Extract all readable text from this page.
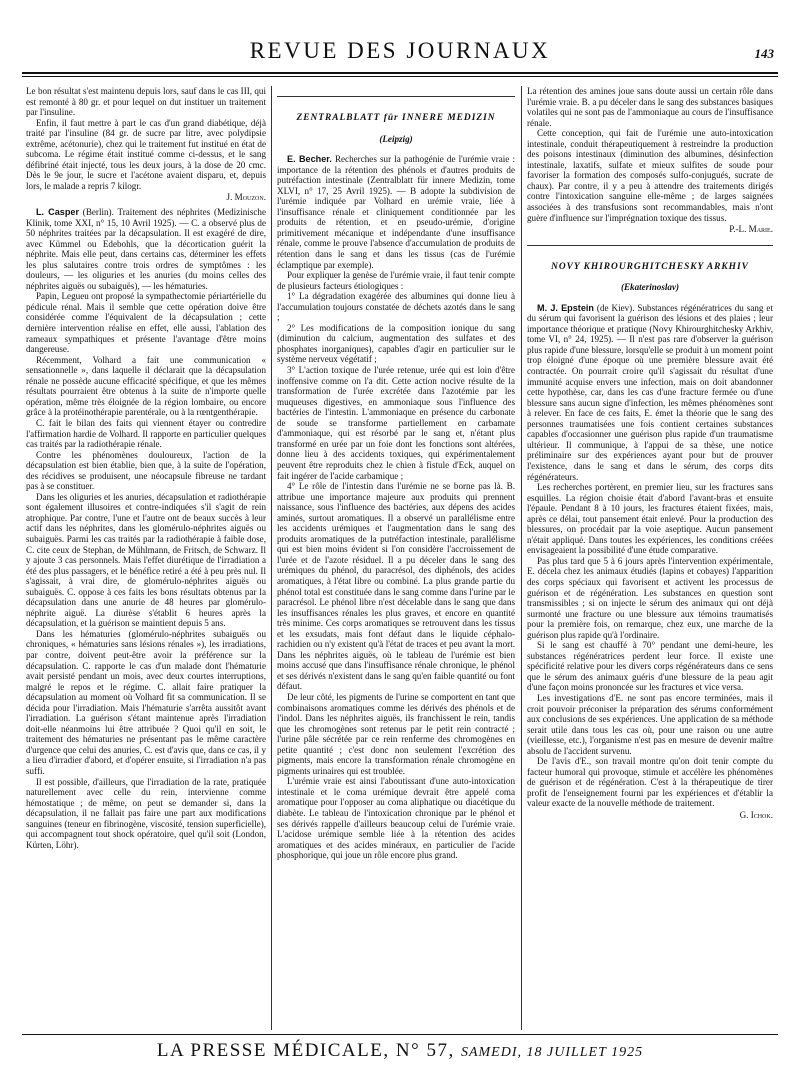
REVUE DES JOURNAUX	143

Le bon résultat s'est maintenu depuis lors, sauf dans le cas III, qui est remonté à 80 gr. et pour lequel on dut instituer un traitement par l'insuline.

Enfin, il faut mettre à part le cas d'un grand diabétique, déjà traité par l'insuline (84 gr. de sucre par litre, avec polydipsie extrême, acétonurie), chez qui le traitement fut institué en état de subcoma. Le régime était institué comme ci-dessus, et le sang défibriné était injecté, tous les deux jours, à la dose de 20 cmc. Dès le 9e jour, le sucre et l'acétone avaient disparu, et, depuis lors, le malade a repris 7 kilogr.

J. Mouzon.

L. Casper (Berlin). Traitement des néphrites (Medizinische Klinik, tome XXI, n° 15, 10 Avril 1925). — C. a observé plus de 50 néphrites traitées par la décapsulation. Il est exagéré de dire, avec Kümmel ou Edebohls, que la décortication guérit la néphrite. Mais elle peut, dans certains cas, déterminer les effets les plus salutaires contre trois ordres de symptômes : les douleurs, — les oliguries et les anuries (du moins celles des néphrites aiguës ou subaiguës), — les hématuries.

Papin, Legueu ont proposé la sympathectomie périartérielle du pédicule rénal. Mais il semble que cette opération doive être considérée comme l'équivalent de la décapsulation ; cette dernière intervention réalise en effet, elle aussi, l'ablation des rameaux sympathiques et présente l'avantage d'être moins dangereuse.

Récemment, Volhard a fait une communication « sensationnelle », dans laquelle il déclarait que la décapsulation rénale ne possède aucune efficacité spécifique, et que les mêmes résultats pourraient être obtenus à la suite de n'importe quelle opération, même très éloignée de la région lombaire, ou encore grâce à la protéinothérapie parentérale, ou à la rœntgenthérapie.

C. fait le bilan des faits qui viennent étayer ou contredire l'affirmation hardie de Volhard. Il rapporte en particulier quelques cas traités par la radiothérapie rénale.

Contre les phénomènes douloureux, l'action de la décapsulation est bien établie, bien que, à la suite de l'opération, des récidives se produisent, une néocapsule fibreuse ne tardant pas à se constituer.

Dans les oliguries et les anuries, décapsulation et radiothérapie sont également illusoires et contre-indiquées s'il s'agit de rein atrophique. Par contre, l'une et l'autre ont de beaux succès à leur actif dans les néphrites, dans les glomérulo-néphrites aiguës ou subaiguës. Parmi les cas traités par la radiothérapie à faible dose, C. cite ceux de Stephan, de Mühlmann, de Fritsch, de Schwarz. Il y ajoute 3 cas personnels. Mais l'effet diurétique de l'irradiation a été des plus passagers, et le bénéfice retiré a été à peu près nul. Il s'agissait, à vrai dire, de glomérulo-néphrites aiguës ou subaiguës. C. oppose à ces faits les bons résultats obtenus par la décapsulation dans une anurie de 48 heures par glomérulo-néphrite aiguë. La diurèse s'établit 6 heures après la décapsulation, et la guérison se maintient depuis 5 ans.

Dans les hématuries (glomérulo-néphrites subaiguës ou chroniques, « hématuries sans lésions rénales »), les irradiations, par contre, doivent peut-être avoir la préférence sur la décapsulation. C. rapporte le cas d'un malade dont l'hématurie avait persisté pendant un mois, avec deux courtes interruptions, malgré le repos et le régime. C. allait faire pratiquer la décapsulation au moment où Volhard fit sa communication. Il se décida pour l'irradiation. Mais l'hématurie s'arrêta aussitôt avant l'irradiation. La guérison s'étant maintenue après l'irradiation doit-elle néanmoins lui être attribuée ? Quoi qu'il en soit, le traitement des hématuries ne présentant pas le même caractère d'urgence que celui des anuries, C. est d'avis que, dans ce cas, il y a lieu d'irradier d'abord, et d'opérer ensuite, si l'irradiation n'a pas suffi.

Il est possible, d'ailleurs, que l'irradiation de la rate, pratiquée naturellement avec celle du rein, intervienne comme hémostatique ; de même, on peut se demander si, dans la décapsulation, il ne fallait pas faire une part aux modifications sanguines (teneur en fibrinogène, viscosité, tension superficielle), qui accompagnent tout shock opératoire, quel qu'il soit (London, Kürten, Löhr).

ZENTRALBLATT für INNERE MEDIZIN
(Leipzig)

E. Becher. Recherches sur la pathogénie de l'urémie vraie : importance de la rétention des phénols et d'autres produits de putréfaction intestinale (Zentralblatt für innere Medizin, tome XLVI, n° 17, 25 Avril 1925). — B adopte la subdivision de l'urémie indiquée par Volhard en urémie vraie, liée à l'insuffisance rénale et cliniquement conditionnée par les produits de rétention, et en pseudo-urémie, d'origine primitivement mécanique et indépendante d'une insuffisance rénale, comme le prouve l'absence d'accumulation de produits de rétention dans le sang et dans les tissus (cas de l'urémie éclamptique par exemple).

Pour expliquer la genèse de l'urémie vraie, il faut tenir compte de plusieurs facteurs étiologiques :

1° La dégradation exagérée des albumines qui donne lieu à l'accumulation toujours constatée de déchets azotés dans le sang ;

2° Les modifications de la composition ionique du sang (diminution du calcium, augmentation des sulfates et des phosphates inorganiques), capables d'agir en particulier sur le système nerveux végétatif ;

3° L'action toxique de l'urée retenue, urée qui est loin d'être inoffensive comme on l'a dit. Cette action nocive résulte de la transformation de l'urée excrétée dans l'azotémie par les muqueuses digestives, en ammoniaque sous l'influence des bactéries de l'intestin. L'ammoniaque en présence du carbonate de soude se transforme partiellement en carbamate d'ammoniaque, qui est résorbé par le sang et, n'étant plus transformé en urée par un foie dont les fonctions sont altérées, donne lieu à des accidents toxiques, qui expérimentalement peuvent être reproduits chez le chien à fistule d'Eck, auquel on fait ingérer de l'acide carbamique ;

4° Le rôle de l'intestin dans l'urémie ne se borne pas là. B. attribue une importance majeure aux produits qui prennent naissance, sous l'influence des bactéries, aux dépens des acides aminés, surtout aromatiques. Il a observé un parallélisme entre les accidents urémiques et l'augmentation dans le sang des produits aromatiques de la putréfaction intestinale, parallélisme qui est bien moins évident si l'on considère l'accroissement de l'urée et de l'azote résiduel. Il a pu déceler dans le sang des urémiques du phénol, du paracrésol, des diphénols, des acides aromatiques, à l'état libre ou combiné. La plus grande partie du phénol total est constituée dans le sang comme dans l'urine par le paracrésol. Le phénol libre n'est décelable dans le sang que dans les insuffisances rénales les plus graves, et encore en quantité très minime. Ces corps aromatiques se retrouvent dans les tissus et les exsudats, mais font défaut dans le liquide céphalo-rachidien ou n'y existent qu'à l'état de traces et peu avant la mort. Dans les néphrites aiguës, où le tableau de l'urémie est bien moins accusé que dans l'insuffisance rénale chronique, le phénol et ses dérivés n'existent dans le sang qu'en faible quantité ou font défaut.

De leur côté, les pigments de l'urine se comportent en tant que combinaisons aromatiques comme les dérivés des phénols et de l'indol. Dans les néphrites aiguës, ils franchissent le rein, tandis que les chromogènes sont retenus par le petit rein contracté ; l'urine pâle sécrétée par ce rein renferme des chromogènes en petite quantité ; c'est donc non seulement l'excrétion des pigments, mais encore la transformation rénale chromogène en pigments urinaires qui est troublée.

L'urémie vraie est ainsi l'aboutissant d'une auto-intoxication intestinale et le coma urémique devrait être appelé coma aromatique pour l'opposer au coma aliphatique ou diacétique du diabète. Le tableau de l'intoxication chronique par le phénol et ses dérivés rappelle d'ailleurs beaucoup celui de l'urémie vraie. L'acidose urémique semble liée à la rétention des acides aromatiques et des acides minéraux, en particulier de l'acide phosphorique, qui joue un rôle encore plus grand.

La rétention des amines joue sans doute aussi un certain rôle dans l'urémie vraie. B. a pu déceler dans le sang des substances basiques volatiles qui ne sont pas de l'ammoniaque au cours de l'insuffisance rénale.

Cette conception, qui fait de l'urémie une auto-intoxication intestinale, conduit thérapeutiquement à restreindre la production des poisons intestinaux (diminution des albumines, désinfection intestinale, laxatifs, sulfate et mieux sulfites de soude pour favoriser la formation des composés sulfo-conjugués, sucrate de chaux). Par contre, il y a peu à attendre des traitements dirigés contre l'intoxication sanguine elle-même ; de larges saignées associées à des transfusions sont recommandables, mais n'ont guère d'influence sur l'imprégnation toxique des tissus.

P.-L. Marie.
NOVY KHIROURGHITCHESKY ARKHIV
(Ekaterinoslav)

M. J. Epstein (de Kiev). Substances régénératrices du sang et du sérum qui favorisent la guérison des lésions et des plaies ; leur importance théorique et pratique (Novy Khirourghitchesky Arkhiv, tome VI, n° 24, 1925). — Il n'est pas rare d'observer la guérison plus rapide d'une blessure, lorsqu'elle se produit à un moment point trop éloigné d'une époque où une première blessure avait été contractée. On pourrait croire qu'il s'agissait du résultat d'une immunité acquise envers une infection, mais on doit abandonner cette hypothèse, car, dans les cas d'une fracture fermée ou d'une blessure sans aucun signe d'infection, les mêmes phénomènes sont à relever. En face de ces faits, E. émet la théorie que le sang des personnes traumatisées une fois contient certaines substances capables d'occasionner une guérison plus rapide d'un traumatisme ultérieur. Il communique, à l'appui de sa thèse, une notice préliminaire sur des expériences ayant pour but de prouver l'existence, dans le sang et dans le sérum, des corps dits régénérateurs.

Les recherches portèrent, en premier lieu, sur les fractures sans esquilles. La région choisie était d'abord l'avant-bras et ensuite l'épaule. Pendant 8 à 10 jours, les fractures étaient fixées, mais, après ce délai, tout pansement était enlevé. Pour la production des blessures, on procédait par la voie aseptique. Aucun pansement n'était appliqué. Dans toutes les expériences, les conditions créées envisageaient la possibilité d'une étude comparative.

Pas plus tard que 5 à 6 jours après l'intervention expérimentale, E. décela chez les animaux étudiés (lapins et cobayes) l'apparition des corps spéciaux qui favorisent et activent les processus de guérison et de régénération. Les substances en question sont transmissibles ; si on injecte le sérum des animaux qui ont déjà surmonté une fracture ou une blessure aux témoins traumatisés pour la première fois, on remarque, chez eux, une marche de la guérison plus rapide qu'à l'ordinaire.

Si le sang est chauffé à 70° pendant une demi-heure, les substances régénératrices perdent leur force. Il existe une spécificité relative pour les divers corps régénérateurs dans ce sens que le sérum des animaux guéris d'une blessure de la peau agit d'une façon moins prononcée sur les fractures et vice versa.

Les investigations d'E. ne sont pas encore terminées, mais il croit pouvoir préconiser la préparation des sérums conformément aux conclusions de ses expériences. Une application de sa méthode serait utile dans tous les cas où, pour une raison ou une autre (vieillesse, etc.), l'organisme n'est pas en mesure de devenir maître absolu de l'accident survenu.

De l'avis d'E., son travail montre qu'on doit tenir compte du facteur humoral qui provoque, stimule et accélère les phénomènes de guérison et de régénération. C'est à la thérapeutique de tirer profit de l'enseignement fourni par les expériences et d'établir la valeur exacte de la nouvelle méthode de traitement.

G. Ichok.
LA PRESSE MÉDICALE, N° 57, SAMEDI, 18 JUILLET 1925
